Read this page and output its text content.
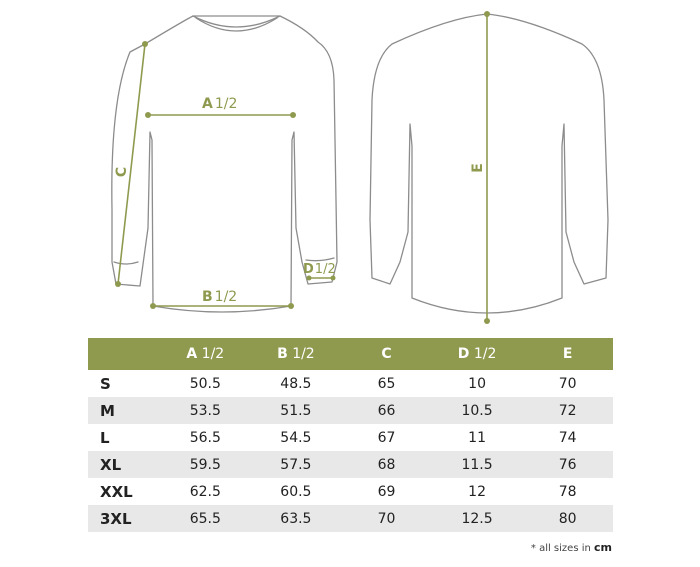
A 1/2
B 1/2
C
D1/2
E
	A 1/2	B 1/2	C	D 1/2	E
S	50.5	48.5	65	10	70
M	53.5	51.5	66	10.5	72
L	56.5	54.5	67	11	74
XL	59.5	57.5	68	11.5	76
XXL	62.5	60.5	69	12	78
3XL	65.5	63.5	70	12.5	80
* all sizes in cm
